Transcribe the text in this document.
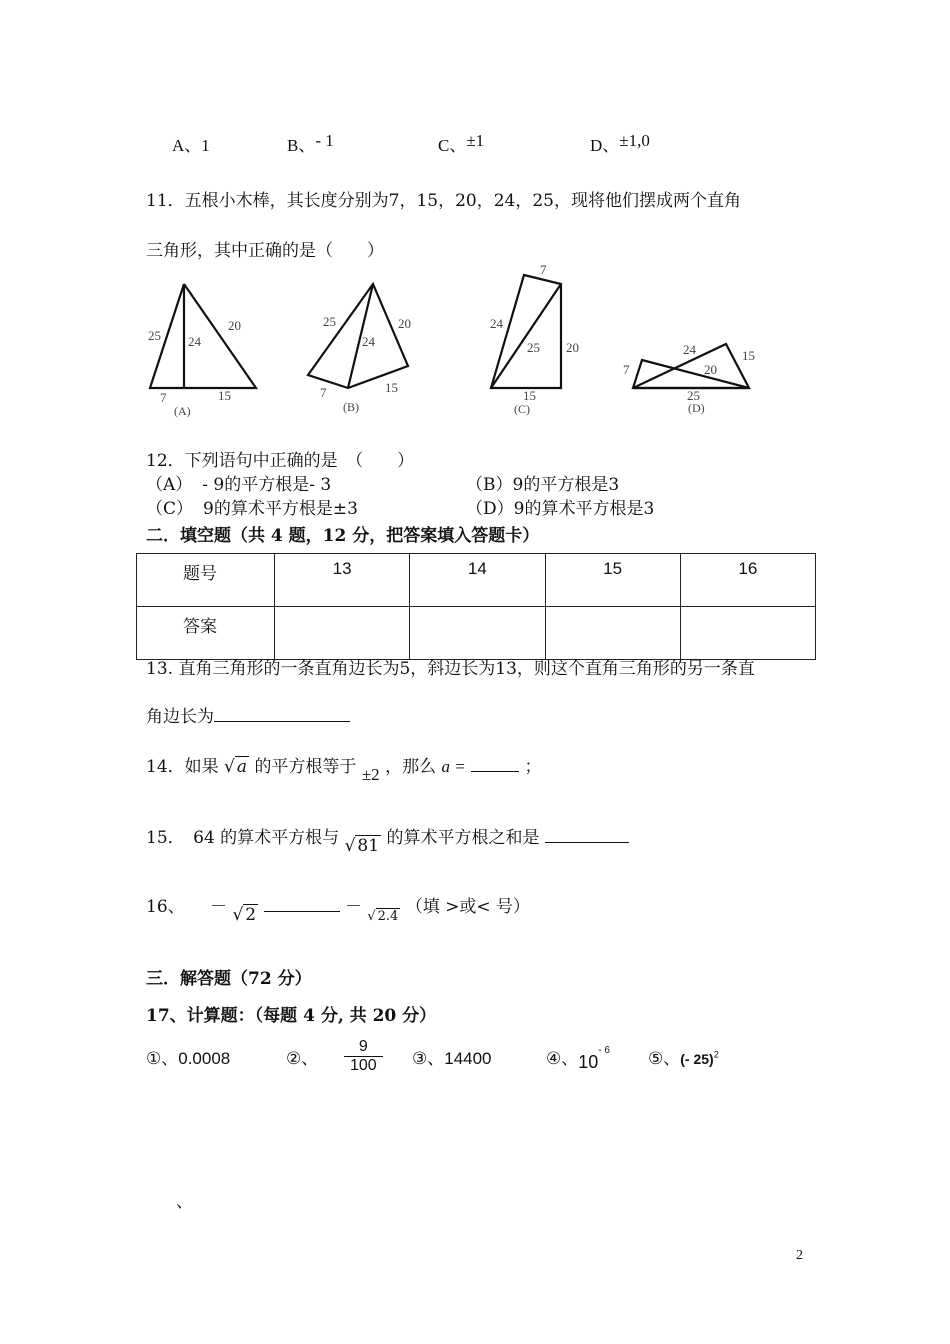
A、1	B、- 1	C、±1	D、±1,0
11．五根小木棒，其长度分别为7，15，20，24，25，现将他们摆成两个直角
三角形，其中正确的是（　　）
25 24
20
7	15
(A)
25
24
20
7	15
(B)
7
24
25 20
15
(C)
24	15
7	20
25
(D)
12．下列语句中正确的是　（　　）
（A） - 9的平方根是- 3	（B）9的平方根是3
（C） 9的算术平方根是±3	（D）9的算术平方根是3
二．填空题（共 4 题，12 分，把答案填入答题卡）
题号	13	14	15	16
答案				
13. 直角三角形的一条直角边长为5，斜边长为13，则这个直角三角形的另一条直
角边长为
14．如果 √ a 的平方根等于 ±2 ，那么 a =	；
15．　64 的算术平方根与 √ 81 的算术平方根之和是
16、 － √ 2	－ √ 2.4 （填 >或< 号）
三．解答题（72 分）
17、计算题：（每题 4 分, 共 20 分）
①、0.0008	②、 $\frac{9}{100}$ ③、14400	④、$10^{- 6}$ ⑤、(- 25)$^2$
、
2
